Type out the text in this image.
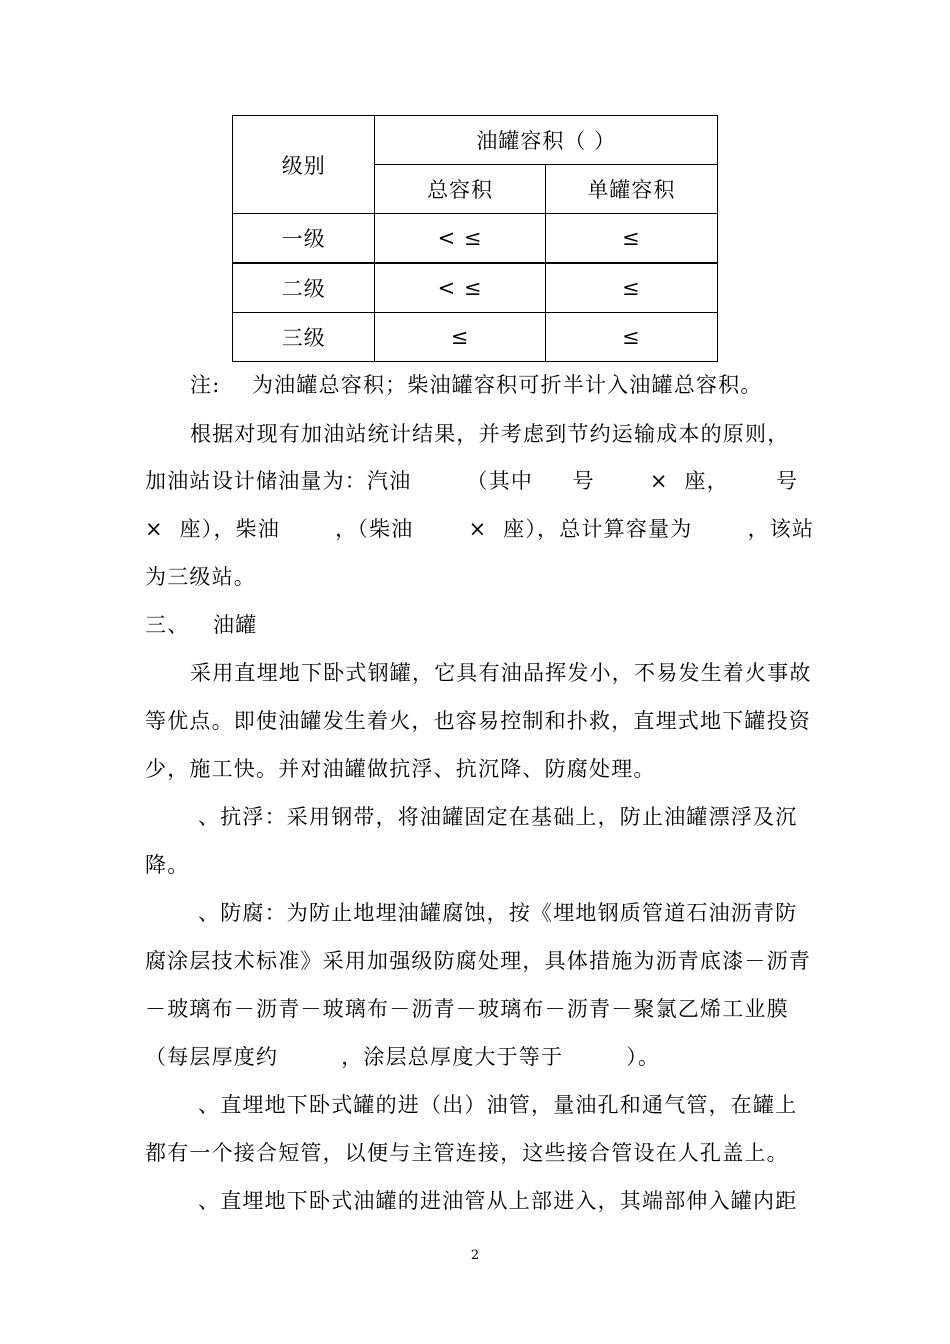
级别	油罐容积（ ）	
	总容积	单罐容积
一级	< ≤	≤
二级	< ≤	≤
三级	≤	≤
注:    为油罐总容积；柴油罐容积可折半计入油罐总容积。
根据对现有加油站统计结果，并考虑到节约运输成本的原则，
加油站设计储油量为：汽油       （其中     号       ×  座，      号
×  座），柴油       ，（柴油       ×  座），总计算容量为       ，该站
为三级站。
三、   油罐
采用直埋地下卧式钢罐，它具有油品挥发小，不易发生着火事故
等优点。即使油罐发生着火，也容易控制和扑救，直埋式地下罐投资
少，施工快。并对油罐做抗浮、抗沉降、防腐处理。
、抗浮：采用钢带，将油罐固定在基础上，防止油罐漂浮及沉
降。
、防腐：为防止地埋油罐腐蚀，按《埋地钢质管道石油沥青防
腐涂层技术标准》采用加强级防腐处理，具体措施为沥青底漆－沥青
－玻璃布－沥青－玻璃布－沥青－玻璃布－沥青－聚氯乙烯工业膜
（每层厚度约        ，涂层总厚度大于等于        ）。
、直埋地下卧式罐的进（出）油管，量油孔和通气管，在罐上
都有一个接合短管，以便与主管连接，这些接合管设在人孔盖上。
、直埋地下卧式油罐的进油管从上部进入，其端部伸入罐内距
2
